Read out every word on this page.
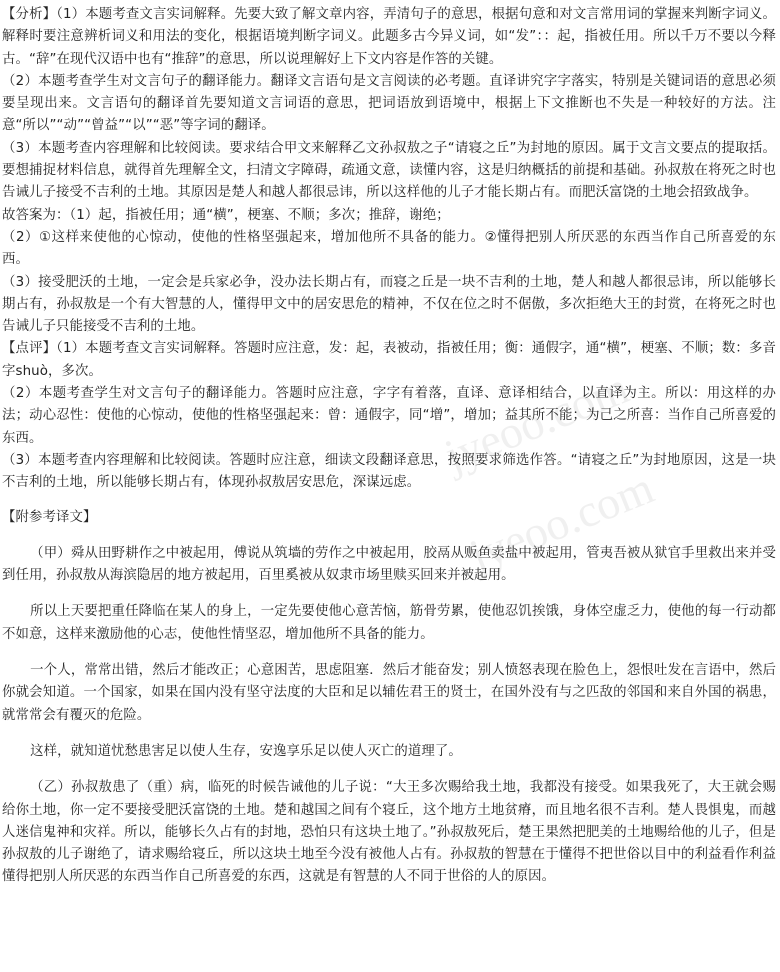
jyeoo.com
jyeoo.com

【分析】（1）本题考查文言实词解释。先要大致了解文章内容，弄清句子的意思，根据句意和对文言常用词的掌握来判断字词义。解释时要注意辨析词义和用法的变化，根据语境判断字词义。此题多古今异义词，如“发”：：起，指被任用。所以千万不要以今释古。“辞”在现代汉语中也有“推辞”的意思，所以说理解好上下文内容是作答的关键。

（2）本题考查学生对文言句子的翻译能力。翻译文言语句是文言阅读的必考题。直译讲究字字落实，特别是关键词语的意思必须要呈现出来。文言语句的翻译首先要知道文言词语的意思，把词语放到语境中，根据上下文推断也不失是一种较好的方法。注意“所以”“动”“曾益”“以”“恶”等字词的翻译。

（3）本题考查内容理解和比较阅读。要求结合甲文来解释乙文孙叔敖之子“请寝之丘”为封地的原因。属于文言文要点的提取括。要想捕捉材料信息，就得首先理解全文，扫清文字障碍，疏通文意，读懂内容，这是归纳概括的前提和基础。孙叔敖在将死之时也告诫儿子接受不吉利的土地。其原因是楚人和越人都很忌讳，所以这样他的儿子才能长期占有。而肥沃富饶的土地会招致战争。

故答案为：（1）起，指被任用；通“横”，梗塞、不顺；多次；推辞，谢绝；

（2）①这样来使他的心惊动，使他的性格坚强起来，增加他所不具备的能力。②懂得把别人所厌恶的东西当作自己所喜爱的东西。

（3）接受肥沃的土地，一定会是兵家必争，没办法长期占有，而寝之丘是一块不吉利的土地，楚人和越人都很忌讳，所以能够长期占有，孙叔敖是一个有大智慧的人，懂得甲文中的居安思危的精神，不仅在位之时不倨傲，多次拒绝大王的封赏，在将死之时也告诫儿子只能接受不吉利的土地。

【点评】（1）本题考查文言实词解释。答题时应注意，发：起，表被动，指被任用；衡：通假字，通“横”，梗塞、不顺；数：多音字shuò，多次。

（2）本题考查学生对文言句子的翻译能力。答题时应注意，字字有着落，直译、意译相结合，以直译为主。所以：用这样的办法；动心忍性：使他的心惊动，使他的性格坚强起来：曾：通假字，同“增”，增加；益其所不能；为己之所喜：当作自己所喜爱的东西。

（3）本题考查内容理解和比较阅读。答题时应注意，细读文段翻译意思，按照要求筛选作答。“请寝之丘”为封地原因，这是一块不吉利的土地，所以能够长期占有，体现孙叔敖居安思危，深谋远虑。

【附参考译文】

（甲）舜从田野耕作之中被起用，傅说从筑墙的劳作之中被起用，胶鬲从贩鱼卖盐中被起用，管夷吾被从狱官手里救出来并受到任用，孙叔敖从海滨隐居的地方被起用，百里奚被从奴隶市场里赎买回来并被起用。

所以上天要把重任降临在某人的身上，一定先要使他心意苦恼，筋骨劳累，使他忍饥挨饿，身体空虚乏力，使他的每一行动都不如意，这样来激励他的心志，使他性情坚忍，增加他所不具备的能力。

一个人，常常出错，然后才能改正；心意困苦，思虑阻塞．然后才能奋发；别人愤怒表现在脸色上，怨恨吐发在言语中，然后你就会知道。一个国家，如果在国内没有坚守法度的大臣和足以辅佐君王的贤士，在国外没有与之匹敌的邻国和来自外国的祸患，就常常会有覆灭的危险。

这样，就知道忧愁患害足以使人生存，安逸享乐足以使人灭亡的道理了。

（乙）孙叔敖患了（重）病，临死的时候告诫他的儿子说：“大王多次赐给我土地，我都没有接受。如果我死了，大王就会赐给你土地，你一定不要接受肥沃富饶的土地。楚和越国之间有个寝丘，这个地方土地贫瘠，而且地名很不吉利。楚人畏惧鬼，而越人迷信鬼神和灾祥。所以，能够长久占有的封地，恐怕只有这块土地了。”孙叔敖死后，楚王果然把肥美的土地赐给他的儿子，但是孙叔敖的儿子谢绝了，请求赐给寝丘，所以这块土地至今没有被他人占有。孙叔敖的智慧在于懂得不把世俗以目中的利益看作利益懂得把别人所厌恶的东西当作自己所喜爱的东西，这就是有智慧的人不同于世俗的人的原因。
